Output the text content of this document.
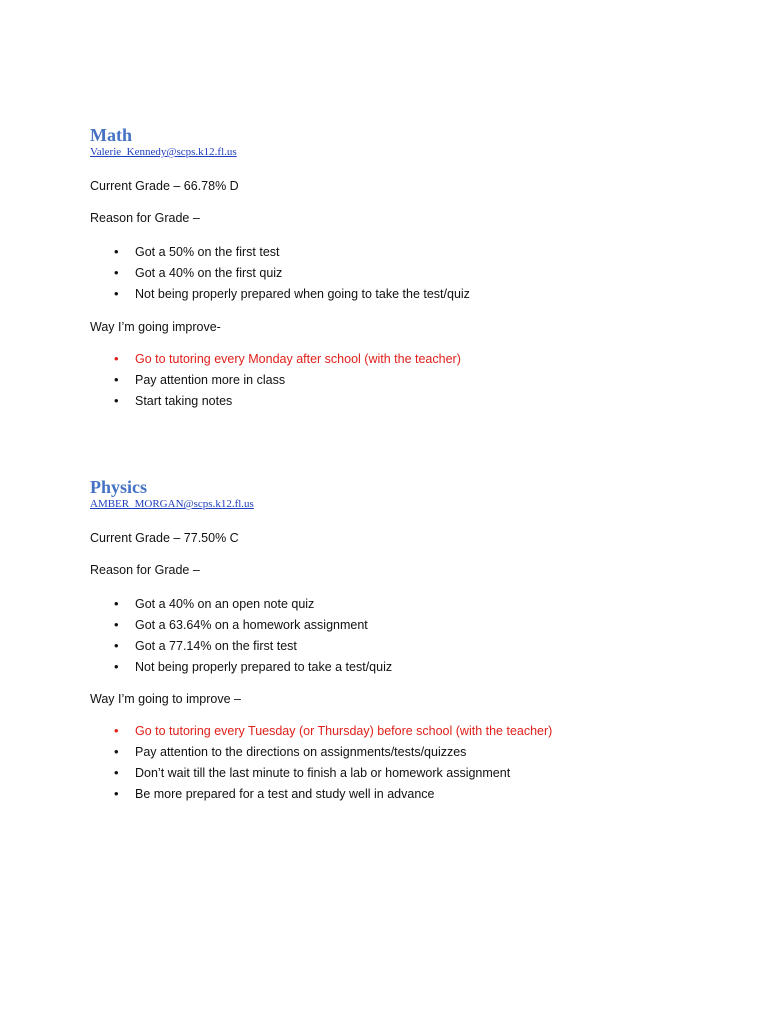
Math
Valerie_Kennedy@scps.k12.fl.us
Current Grade – 66.78% D
Reason for Grade –
• Got a 50% on the first test
• Got a 40% on the first quiz
• Not being properly prepared when going to take the test/quiz
Way I’m going improve-
• Go to tutoring every Monday after school (with the teacher)
• Pay attention more in class
• Start taking notes
Physics
AMBER_MORGAN@scps.k12.fl.us
Current Grade – 77.50% C
Reason for Grade –
• Got a 40% on an open note quiz
• Got a 63.64% on a homework assignment
• Got a 77.14% on the first test
• Not being properly prepared to take a test/quiz
Way I’m going to improve –
• Go to tutoring every Tuesday (or Thursday) before school (with the teacher)
• Pay attention to the directions on assignments/tests/quizzes
• Don’t wait till the last minute to finish a lab or homework assignment
• Be more prepared for a test and study well in advance
